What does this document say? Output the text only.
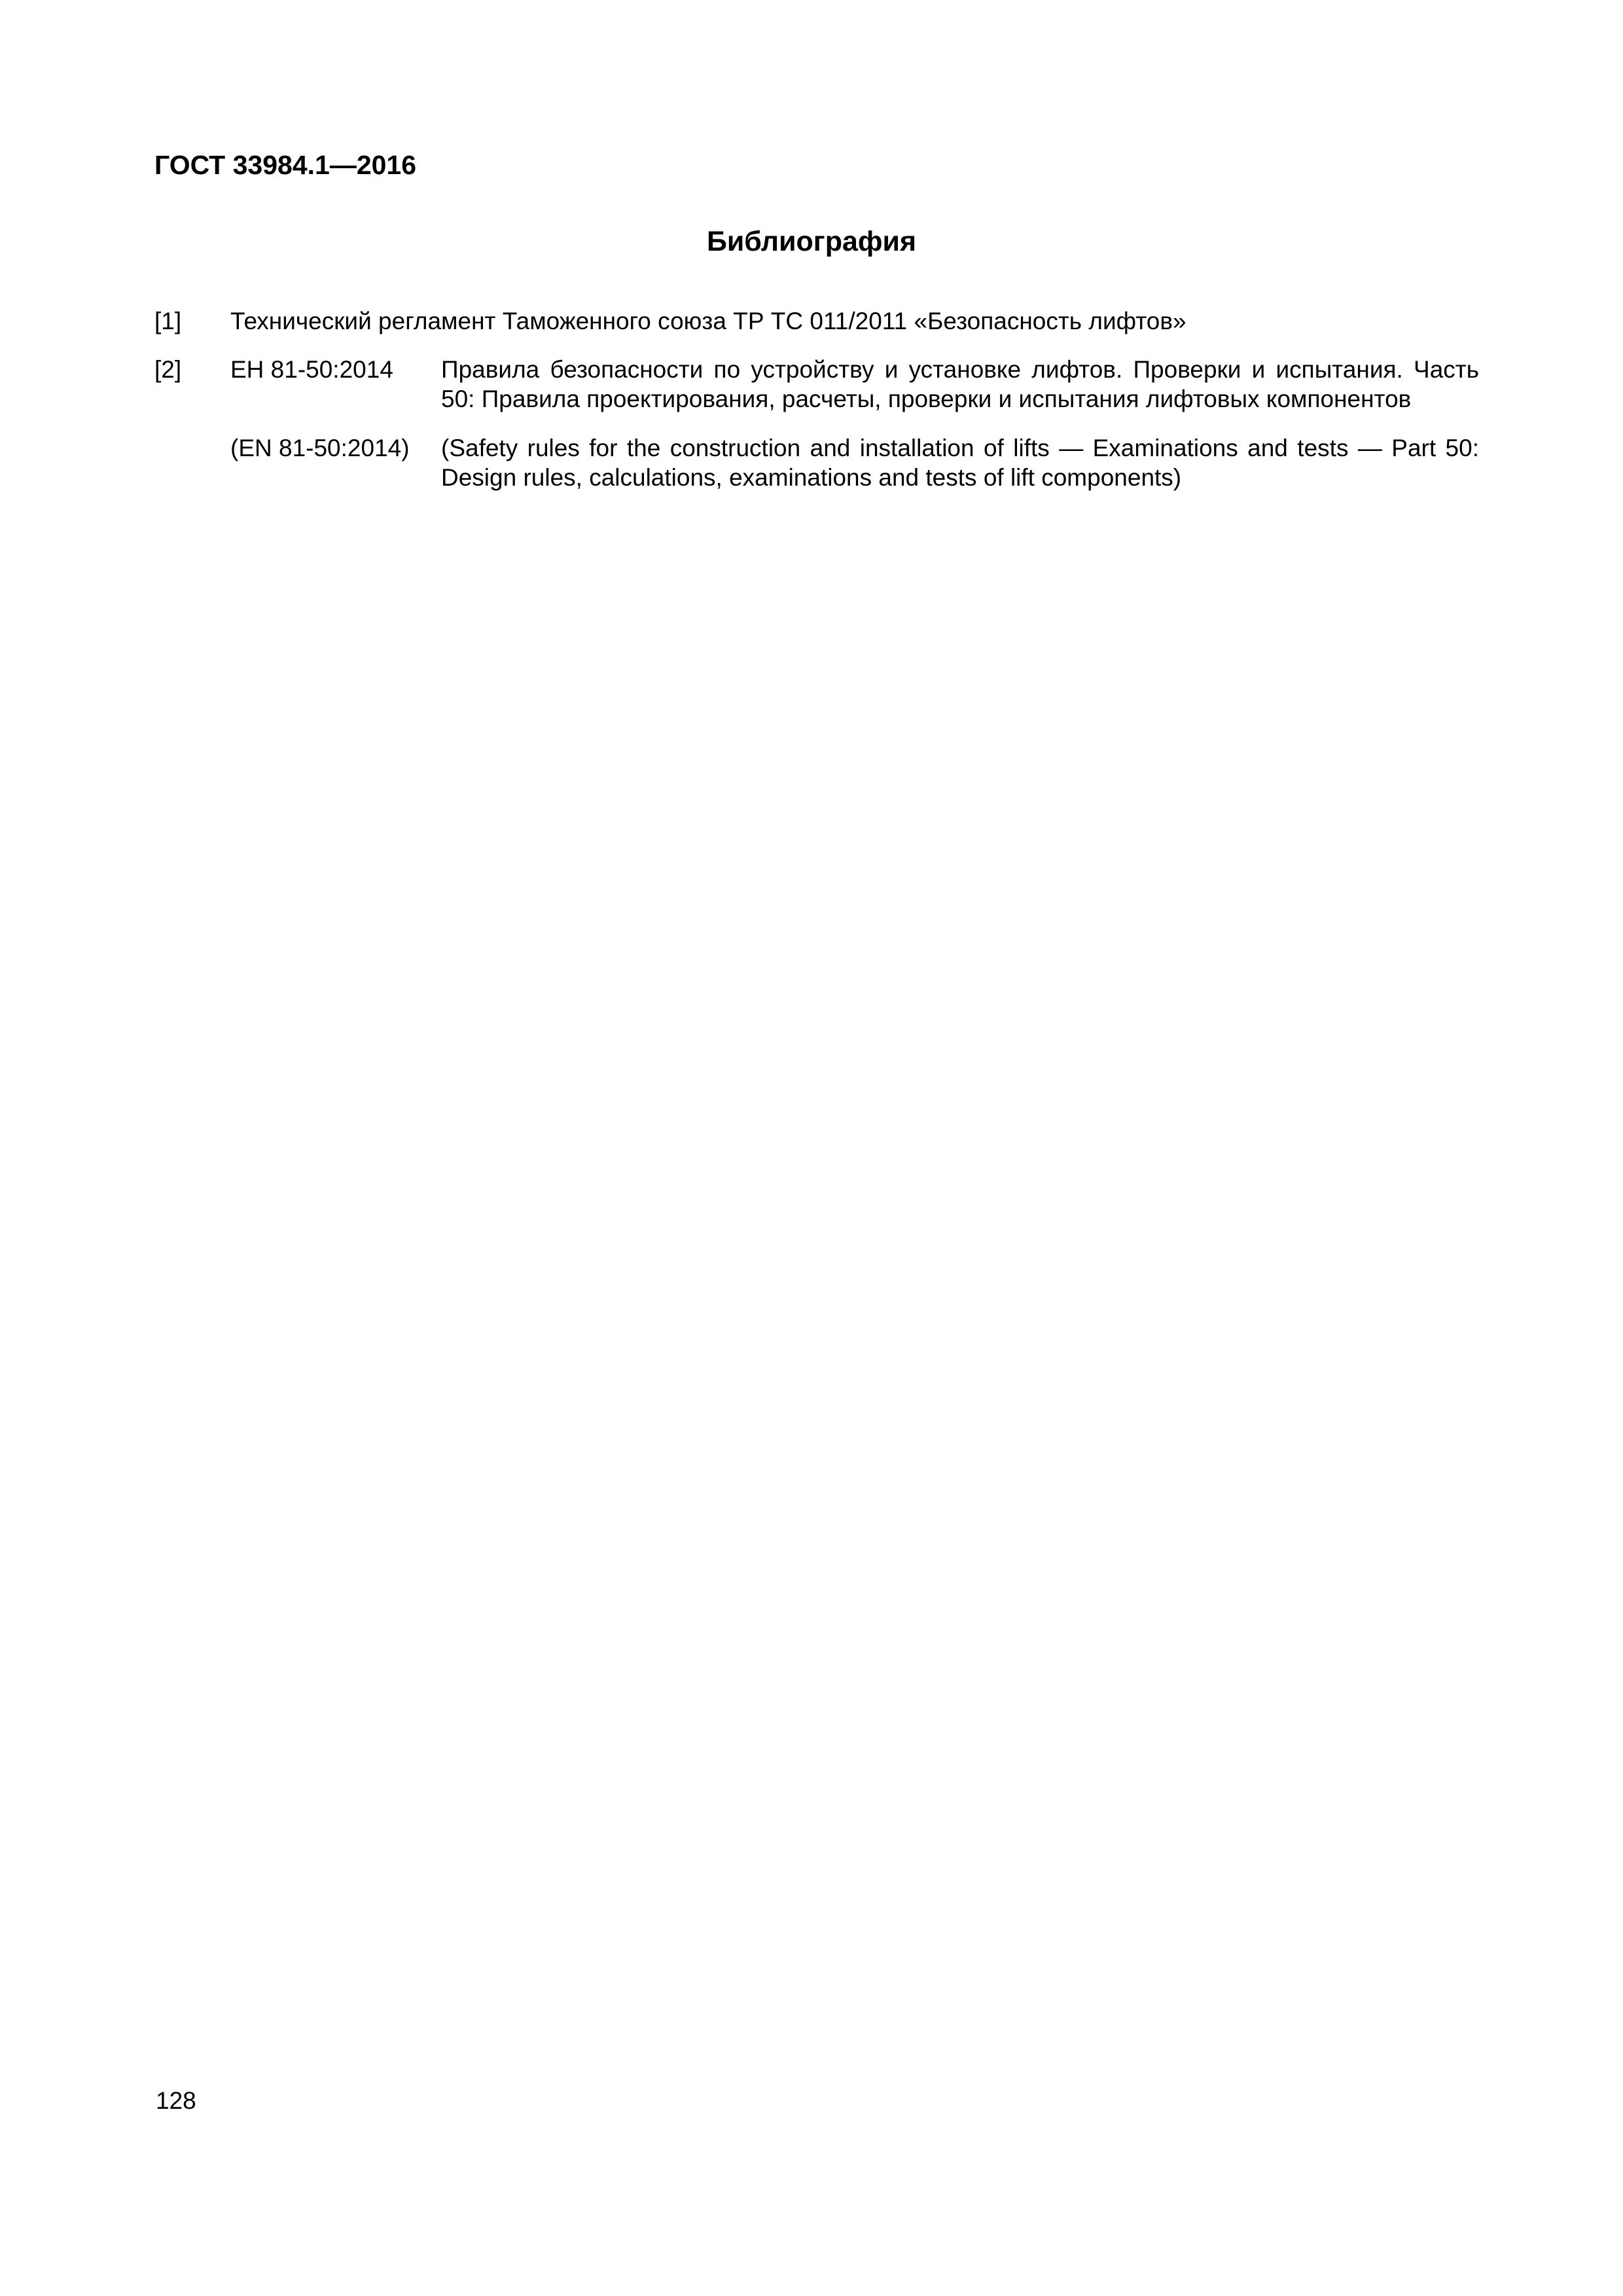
ГОСТ 33984.1—2016
Библиография
[1] Технический регламент Таможенного союза ТР ТС 011/2011 «Безопасность лифтов»
[2] ЕН 81-50:2014 Правила безопасности по устройству и установке лифтов. Проверки и испытания. Часть 50: Правила проектирования, расчеты, проверки и испытания лифтовых компонентов
(EN 81-50:2014) (Safety rules for the construction and installation of lifts — Examinations and tests — Part 50: Design rules, calculations, examinations and tests of lift components)
128
